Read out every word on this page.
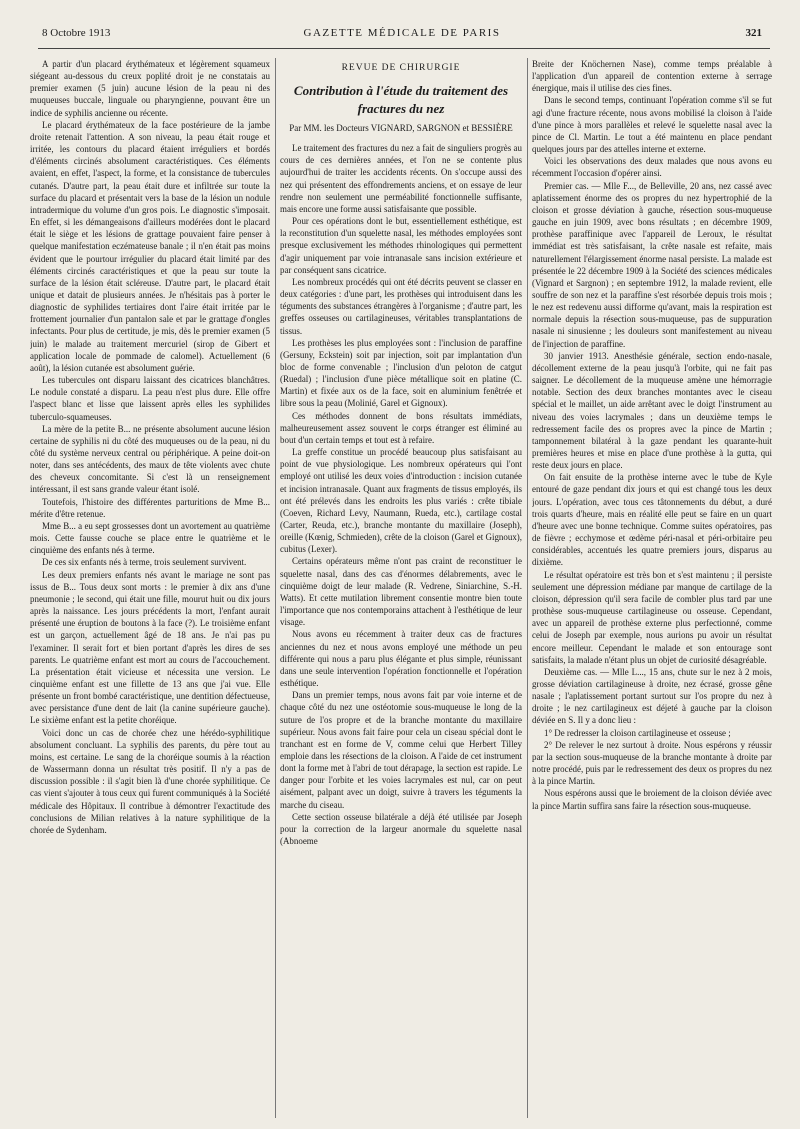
8 Octobre 1913	GAZETTE MÉDICALE DE PARIS	321

A partir d'un placard érythémateux et légèrement squameux siégeant au-dessous du creux poplité droit je ne constatais au premier examen (5 juin) aucune lésion de la peau ni des muqueuses buccale, linguale ou pharyngienne, pouvant être un indice de syphilis ancienne ou récente.

Le placard érythémateux de la face postérieure de la jambe droite retenait l'attention. A son niveau, la peau était rouge et irritée, les contours du placard étaient irréguliers et bordés d'éléments circinés absolument caractéristiques. Ces éléments avaient, en effet, l'aspect, la forme, et la consistance de tubercules cutanés. D'autre part, la peau était dure et infiltrée sur toute la surface du placard et présentait vers la base de la lésion un nodule intradermique du volume d'un gros pois. Le diagnostic s'imposait. En effet, si les démangeaisons d'ailleurs modérées dont le placard était le siège et les lésions de grattage pouvaient faire penser à quelque manifestation eczémateuse banale ; il n'en était pas moins évident que le pourtour irrégulier du placard était limité par des éléments circinés caractéristiques et que la peau sur toute la surface de la lésion était scléreuse. D'autre part, le placard était unique et datait de plusieurs années. Je n'hésitais pas à porter le diagnostic de syphilides tertiaires dont l'aire était irritée par le frottement journalier d'un pantalon sale et par le grattage d'ongles infectants. Pour plus de certitude, je mis, dès le premier examen (5 juin) le malade au traitement mercuriel (sirop de Gibert et application locale de pommade de calomel). Actuellement (6 août), la lésion cutanée est absolument guérie.

Les tubercules ont disparu laissant des cicatrices blanchâtres. Le nodule constaté a disparu. La peau n'est plus dure. Elle offre l'aspect blanc et lisse que laissent après elles les syphilides tuberculo-squameuses.

La mère de la petite B... ne présente absolument aucune lésion certaine de syphilis ni du côté des muqueuses ou de la peau, ni du côté du système nerveux central ou périphérique. A peine doit-on noter, dans ses antécédents, des maux de tête violents avec chute des cheveux concomitante. Si c'est là un renseignement intéressant, il est sans grande valeur étant isolé.

Toutefois, l'histoire des différentes parturitions de Mme B... mérite d'être retenue.

Mme B... a eu sept grossesses dont un avortement au quatrième mois. Cette fausse couche se place entre le quatrième et le cinquième des enfants nés à terme.

De ces six enfants nés à terme, trois seulement survivent.

Les deux premiers enfants nés avant le mariage ne sont pas issus de B... Tous deux sont morts : le premier à dix ans d'une pneumonie ; le second, qui était une fille, mourut huit ou dix jours après la naissance. Les jours précédents la mort, l'enfant aurait présenté une éruption de boutons à la face (?). Le troisième enfant est un garçon, actuellement âgé de 18 ans. Je n'ai pas pu l'examiner. Il serait fort et bien portant d'après les dires de ses parents. Le quatrième enfant est mort au cours de l'accouchement. La présentation était vicieuse et nécessita une version. Le cinquième enfant est une fillette de 13 ans que j'ai vue. Elle présente un front bombé caractéristique, une dentition défectueuse, avec persistance d'une dent de lait (la canine supérieure gauche). Le sixième enfant est la petite choréique.

Voici donc un cas de chorée chez une hérédo-syphilitique absolument concluant. La syphilis des parents, du père tout au moins, est certaine. Le sang de la choréique soumis à la réaction de Wassermann donna un résultat très positif. Il n'y a pas de discussion possible : il s'agit bien là d'une chorée syphilitique. Ce cas vient s'ajouter à tous ceux qui furent communiqués à la Société médicale des Hôpitaux. Il contribue à démontrer l'exactitude des conclusions de Milian relatives à la nature syphilitique de la chorée de Sydenham.

REVUE DE CHIRURGIE
Contribution à l'étude du traitement des fractures du nez
Par MM. les Docteurs VIGNARD, SARGNON et BESSIÈRE

Le traitement des fractures du nez a fait de singuliers progrès au cours de ces dernières années, et l'on ne se contente plus aujourd'hui de traiter les accidents récents. On s'occupe aussi des nez qui présentent des effondrements anciens, et on essaye de leur rendre non seulement une perméabilité fonctionnelle suffisante, mais encore une forme aussi satisfaisante que possible.

Pour ces opérations dont le but, essentiellement esthétique, est la reconstitution d'un squelette nasal, les méthodes employées sont presque exclusivement les méthodes rhinologiques qui permettent d'agir uniquement par voie intranasale sans incision extérieure et par conséquent sans cicatrice.

Les nombreux procédés qui ont été décrits peuvent se classer en deux catégories : d'une part, les prothèses qui introduisent dans les téguments des substances étrangères à l'organisme ; d'autre part, les greffes osseuses ou cartilagineuses, véritables transplantations de tissus.

Les prothèses les plus employées sont : l'inclusion de paraffine (Gersuny, Eckstein) soit par injection, soit par implantation d'un bloc de forme convenable ; l'inclusion d'un peloton de catgut (Ruedal) ; l'inclusion d'une pièce métallique soit en platine (C. Martin) et fixée aux os de la face, soit en aluminium fenêtrée et libre sous la peau (Molinié, Garel et Gignoux).

Ces méthodes donnent de bons résultats immédiats, malheureusement assez souvent le corps étranger est éliminé au bout d'un certain temps et tout est à refaire.

La greffe constitue un procédé beaucoup plus satisfaisant au point de vue physiologique. Les nombreux opérateurs qui l'ont employé ont utilisé les deux voies d'introduction : incision cutanée et incision intranasale. Quant aux fragments de tissus employés, ils ont été prélevés dans les endroits les plus variés : crête tibiale (Coeven, Richard Levy, Naumann, Rueda, etc.), cartilage costal (Carter, Reuda, etc.), branche montante du maxillaire (Joseph), oreille (Kœnig, Schmieden), crête de la cloison (Garel et Gignoux), cubitus (Lexer).

Certains opérateurs même n'ont pas craint de reconstituer le squelette nasal, dans des cas d'énormes délabrements, avec le cinquième doigt de leur malade (R. Vedrene, Siniarchine, S.-H. Watts). Et cette mutilation librement consentie montre bien toute l'importance que nos contemporains attachent à l'esthétique de leur visage.

Nous avons eu récemment à traiter deux cas de fractures anciennes du nez et nous avons employé une méthode un peu différente qui nous a paru plus élégante et plus simple, réunissant dans une seule intervention l'opération fonctionnelle et l'opération esthétique.

Dans un premier temps, nous avons fait par voie interne et de chaque côté du nez une ostéotomie sous-muqueuse le long de la suture de l'os propre et de la branche montante du maxillaire supérieur. Nous avons fait faire pour cela un ciseau spécial dont le tranchant est en forme de V, comme celui que Herbert Tilley emploie dans les résections de la cloison. A l'aide de cet instrument dont la forme met à l'abri de tout dérapage, la section est rapide. Le danger pour l'orbite et les voies lacrymales est nul, car on peut aisément, palpant avec un doigt, suivre à travers les téguments la marche du ciseau.

Cette section osseuse bilatérale a déjà été utilisée par Joseph pour la correction de la largeur anormale du squelette nasal (Abnoeme

Breite der Knöchernen Nase), comme temps préalable à l'application d'un appareil de contention externe à serrage énergique, mais il utilise des cies fines.

Dans le second temps, continuant l'opération comme s'il se fut agi d'une fracture récente, nous avons mobilisé la cloison à l'aide d'une pince à mors parallèles et relevé le squelette nasal avec la pince de Cl. Martin. Le tout a été maintenu en place pendant quelques jours par des attelles interne et externe.

Voici les observations des deux malades que nous avons eu récemment l'occasion d'opérer ainsi.

Premier cas. — Mlle F..., de Belleville, 20 ans, nez cassé avec aplatissement énorme des os propres du nez hypertrophié de la cloison et grosse déviation à gauche, résection sous-muqueuse gauche en juin 1909, avec bons résultats ; en décembre 1909, prothèse paraffinique avec l'appareil de Leroux, le résultat immédiat est très satisfaisant, la crête nasale est refaite, mais naturellement l'élargissement énorme nasal persiste. La malade est présentée le 22 décembre 1909 à la Société des sciences médicales (Vignard et Sargnon) ; en septembre 1912, la malade revient, elle souffre de son nez et la paraffine s'est résorbée depuis trois mois ; le nez est redevenu aussi difforme qu'avant, mais la respiration est normale depuis la résection sous-muqueuse, pas de suppuration nasale ni sinusienne ; les douleurs sont manifestement au niveau de l'injection de paraffine.

30 janvier 1913. Anesthésie générale, section endo-nasale, décollement externe de la peau jusqu'à l'orbite, qui ne fait pas saigner. Le décollement de la muqueuse amène une hémorragie notable. Section des deux branches montantes avec le ciseau spécial et le maillet, un aide arrêtant avec le doigt l'instrument au niveau des voies lacrymales ; dans un deuxième temps le redressement facile des os propres avec la pince de Martin ; tamponnement bilatéral à la gaze pendant les quarante-huit premières heures et mise en place d'une prothèse à la gutta, qui reste deux jours en place.

On fait ensuite de la prothèse interne avec le tube de Kyle entouré de gaze pendant dix jours et qui est changé tous les deux jours. L'opération, avec tous ces tâtonnements du début, a duré trois quarts d'heure, mais en réalité elle peut se faire en un quart d'heure avec une bonne technique. Comme suites opératoires, pas de fièvre ; ecchymose et œdème péri-nasal et péri-orbitaire peu considérables, accentués les quatre premiers jours, disparus au dixième.

Le résultat opératoire est très bon et s'est maintenu ; il persiste seulement une dépression médiane par manque de cartilage de la cloison, dépression qu'il sera facile de combler plus tard par une prothèse sous-muqueuse cartilagineuse ou osseuse. Cependant, avec un appareil de prothèse externe plus perfectionné, comme celui de Joseph par exemple, nous aurions pu avoir un résultat encore meilleur. Cependant le malade et son entourage sont satisfaits, la malade n'étant plus un objet de curiosité désagréable.

Deuxième cas. — Mlle L..., 15 ans, chute sur le nez à 2 mois, grosse déviation cartilagineuse à droite, nez écrasé, grosse gêne nasale ; l'aplatissement portant surtout sur l'os propre du nez à droite ; le nez cartilagineux est déjeté à gauche par la cloison déviée en S. Il y a donc lieu :

1° De redresser la cloison cartilagineuse et osseuse ;

2° De relever le nez surtout à droite. Nous espérons y réussir par la section sous-muqueuse de la branche montante à droite par notre procédé, puis par le redressement des deux os propres du nez à la pince Martin.

Nous espérons aussi que le broiement de la cloison déviée avec la pince Martin suffira sans faire la résection sous-muqueuse.
